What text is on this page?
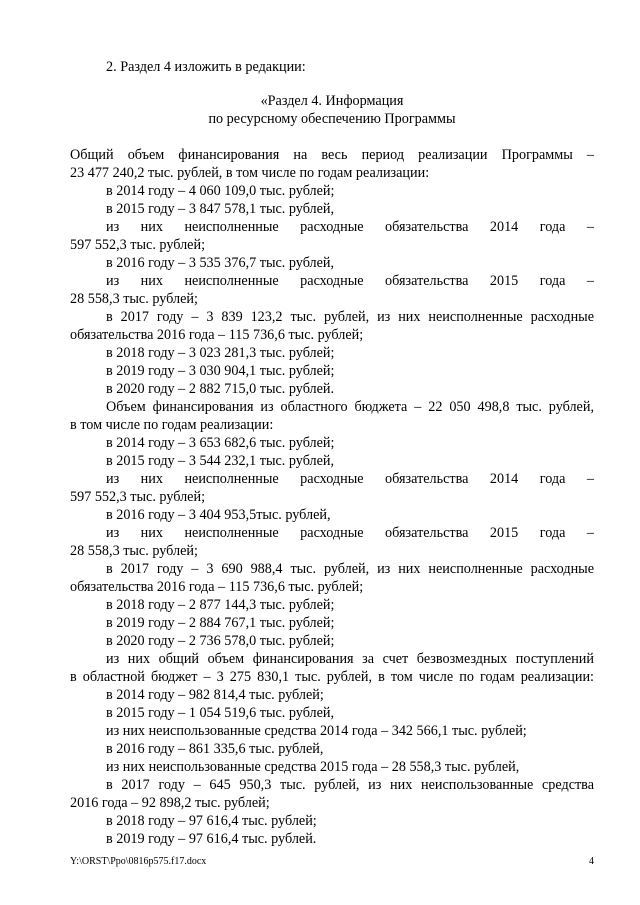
2. Раздел 4 изложить в редакции:
«Раздел 4. Информация
по ресурсному обеспечению Программы
Общий объем финансирования на весь период реализации Программы –
23 477 240,2 тыс. рублей, в том числе по годам реализации:
в 2014 году – 4 060 109,0 тыс. рублей;
в 2015 году – 3 847 578,1 тыс. рублей,
из них неисполненные расходные обязательства 2014 года –
597 552,3 тыс. рублей;
в 2016 году – 3 535 376,7 тыс. рублей,
из них неисполненные расходные обязательства 2015 года –
28 558,3 тыс. рублей;
в 2017 году – 3 839 123,2 тыс. рублей, из них неисполненные расходные
обязательства 2016 года – 115 736,6 тыс. рублей;
в 2018 году – 3 023 281,3 тыс. рублей;
в 2019 году – 3 030 904,1 тыс. рублей;
в 2020 году – 2 882 715,0 тыс. рублей.
Объем финансирования из областного бюджета – 22 050 498,8 тыс. рублей,
в том числе по годам реализации:
в 2014 году – 3 653 682,6 тыс. рублей;
в 2015 году – 3 544 232,1 тыс. рублей,
из них неисполненные расходные обязательства 2014 года –
597 552,3 тыс. рублей;
в 2016 году – 3 404 953,5тыс. рублей,
из них неисполненные расходные обязательства 2015 года –
28 558,3 тыс. рублей;
в 2017 году – 3 690 988,4 тыс. рублей, из них неисполненные расходные
обязательства 2016 года – 115 736,6 тыс. рублей;
в 2018 году – 2 877 144,3 тыс. рублей;
в 2019 году – 2 884 767,1 тыс. рублей;
в 2020 году – 2 736 578,0 тыс. рублей;
из них общий объем финансирования за счет безвозмездных поступлений
в областной бюджет – 3 275 830,1 тыс. рублей, в том числе по годам реализации:
в 2014 году – 982 814,4 тыс. рублей;
в 2015 году – 1 054 519,6 тыс. рублей,
из них неиспользованные средства 2014 года – 342 566,1 тыс. рублей;
в 2016 году – 861 335,6 тыс. рублей,
из них неиспользованные средства 2015 года – 28 558,3 тыс. рублей,
в 2017 году – 645 950,3 тыс. рублей, из них неиспользованные средства
2016 года – 92 898,2 тыс. рублей;
в 2018 году – 97 616,4 тыс. рублей;
в 2019 году – 97 616,4 тыс. рублей.
Y:\ORST\Ppo\0816p575.f17.docx	4
